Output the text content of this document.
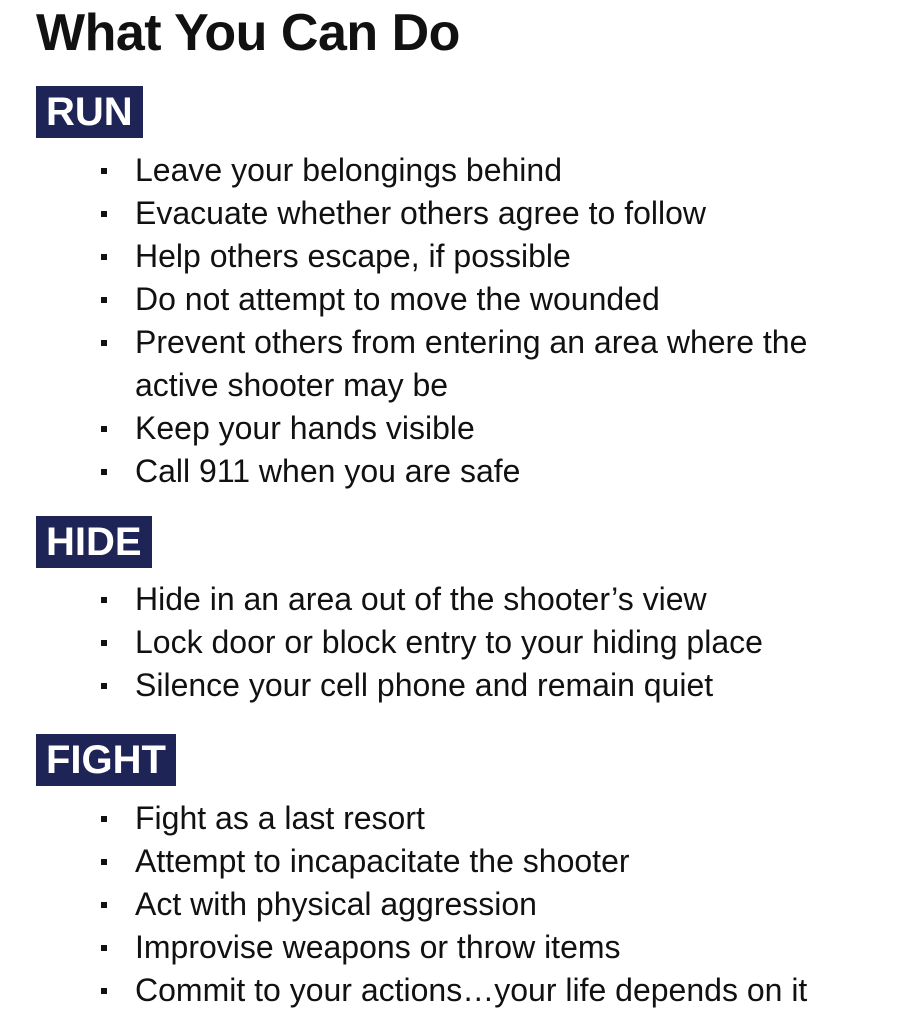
What You Can Do
RUN
Leave your belongings behind
Evacuate whether others agree to follow
Help others escape, if possible
Do not attempt to move the wounded
Prevent others from entering an area where the active shooter may be
Keep your hands visible
Call 911 when you are safe
HIDE
Hide in an area out of the shooter’s view
Lock door or block entry to your hiding place
Silence your cell phone and remain quiet
FIGHT
Fight as a last resort
Attempt to incapacitate the shooter
Act with physical aggression
Improvise weapons or throw items
Commit to your actions…your life depends on it
